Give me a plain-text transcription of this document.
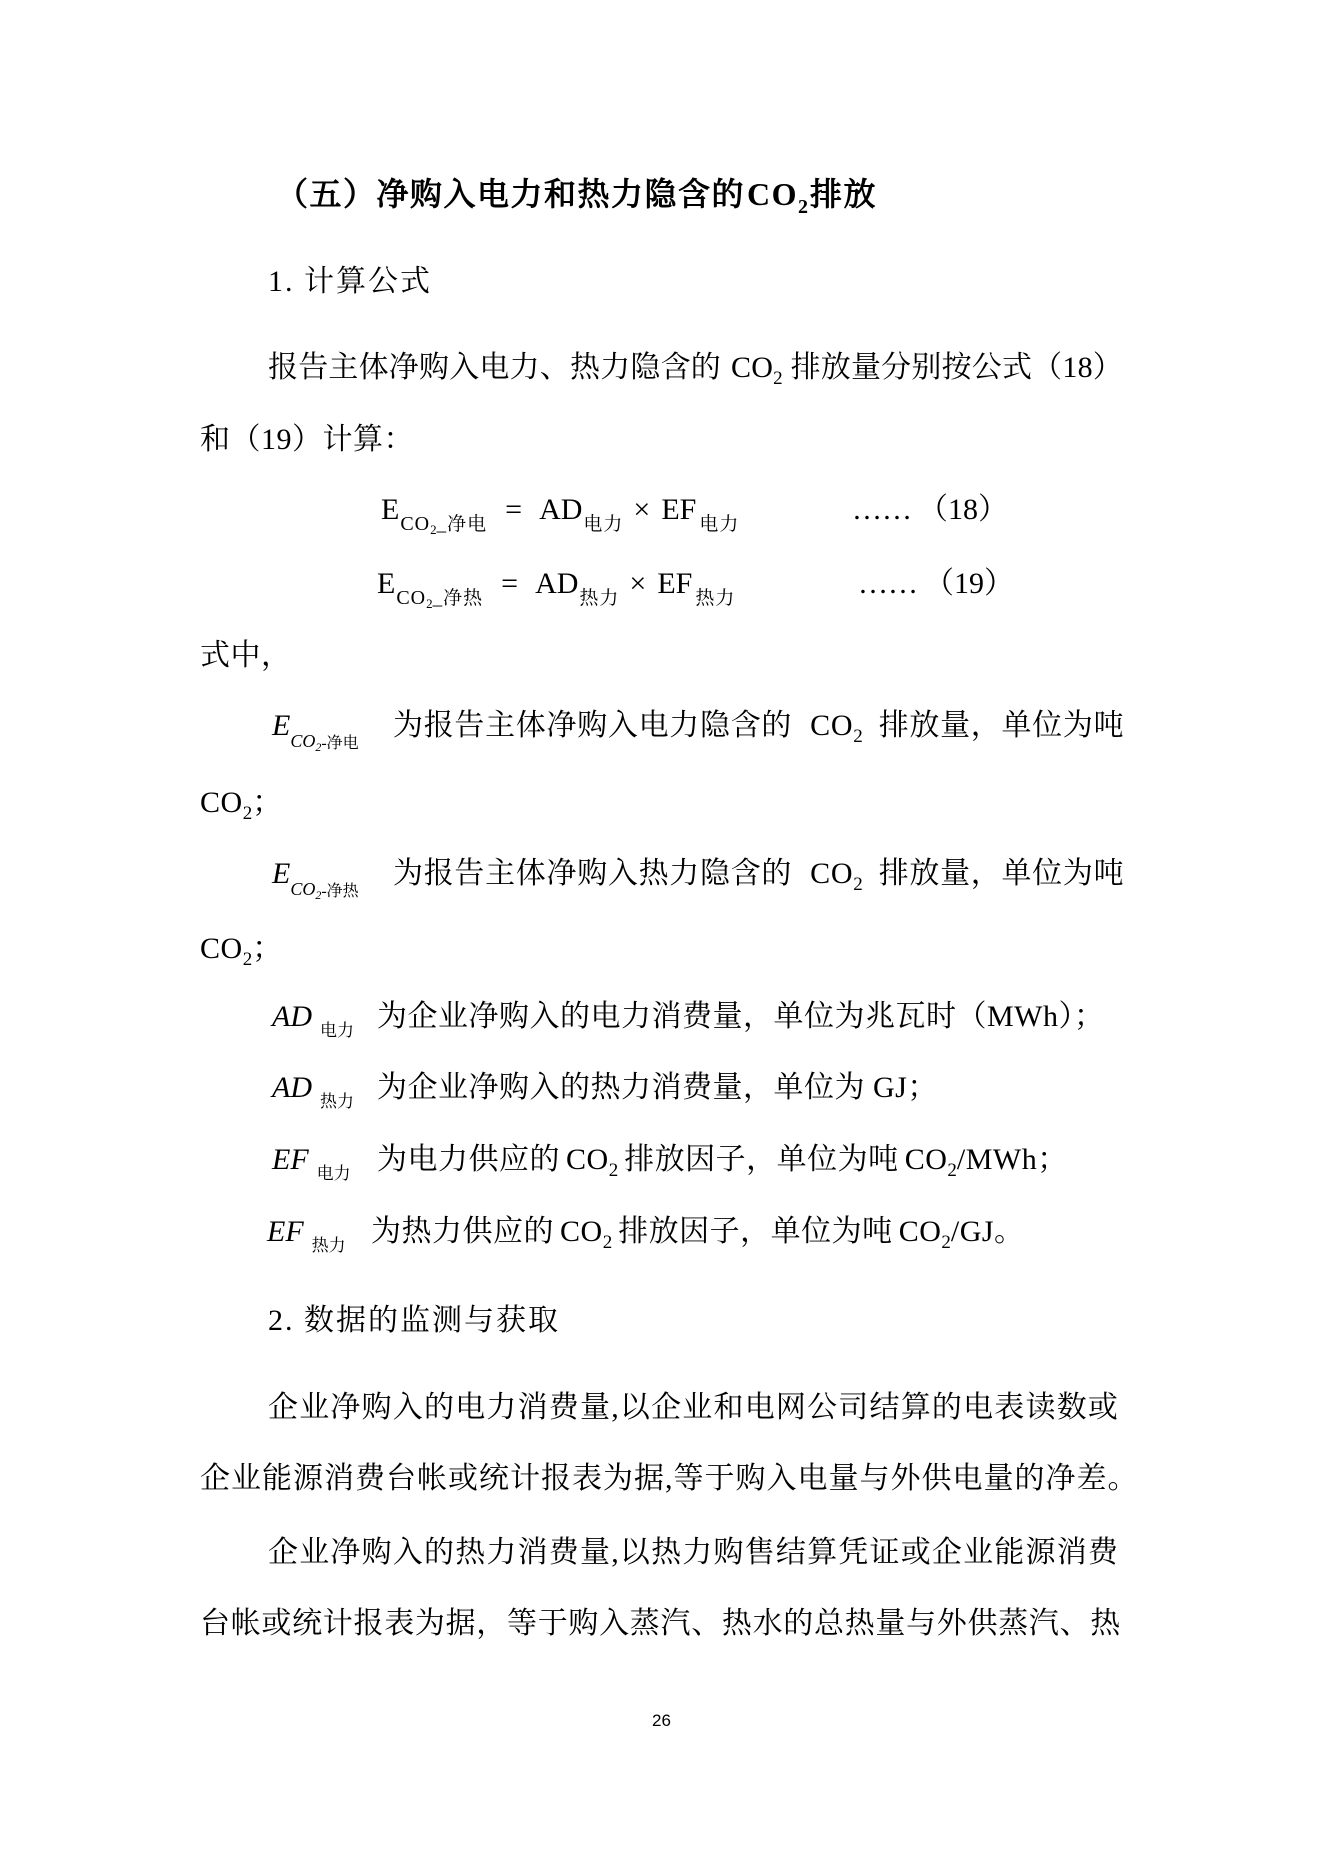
（五）净购入电力和热力隐含的 CO 2 排放
1. 计算公式
报告主体净购入电力、热力隐含的 CO 2 排放量分别按公式（18）
和（19）计算：
E CO 2 _净电 = AD 电力 × EF 电力	…… （18）
E CO 2 _净热 = AD 热力 × EF 热力	…… （19）
式中，
E CO 2 -净电
为报告主体净购入电力隐含的 CO 2 排放量，单位为吨
CO 2 ；
E CO 2 -净热
为报告主体净购入热力隐含的 CO 2 排放量，单位为吨
CO 2 ；
AD 电力 为企业净购入的电力消费量，单位为兆瓦时（MWh）；
AD 热力 为企业净购入的热力消费量，单位为 GJ；
EF 电力 为电力供应的 CO 2 排放因子，单位为吨 CO 2 /MWh；
EF 热力 为热力供应的 CO 2 排放因子，单位为吨 CO 2 /GJ。
2. 数据的监测与获取
企业净购入的电力消费量,以企业和电网公司结算的电表读数或
企业能源消费台帐或统计报表为据,等于购入电量与外供电量的净差。
企业净购入的热力消费量,以热力购售结算凭证或企业能源消费
台帐或统计报表为据，等于购入蒸汽、热水的总热量与外供蒸汽、热
26
